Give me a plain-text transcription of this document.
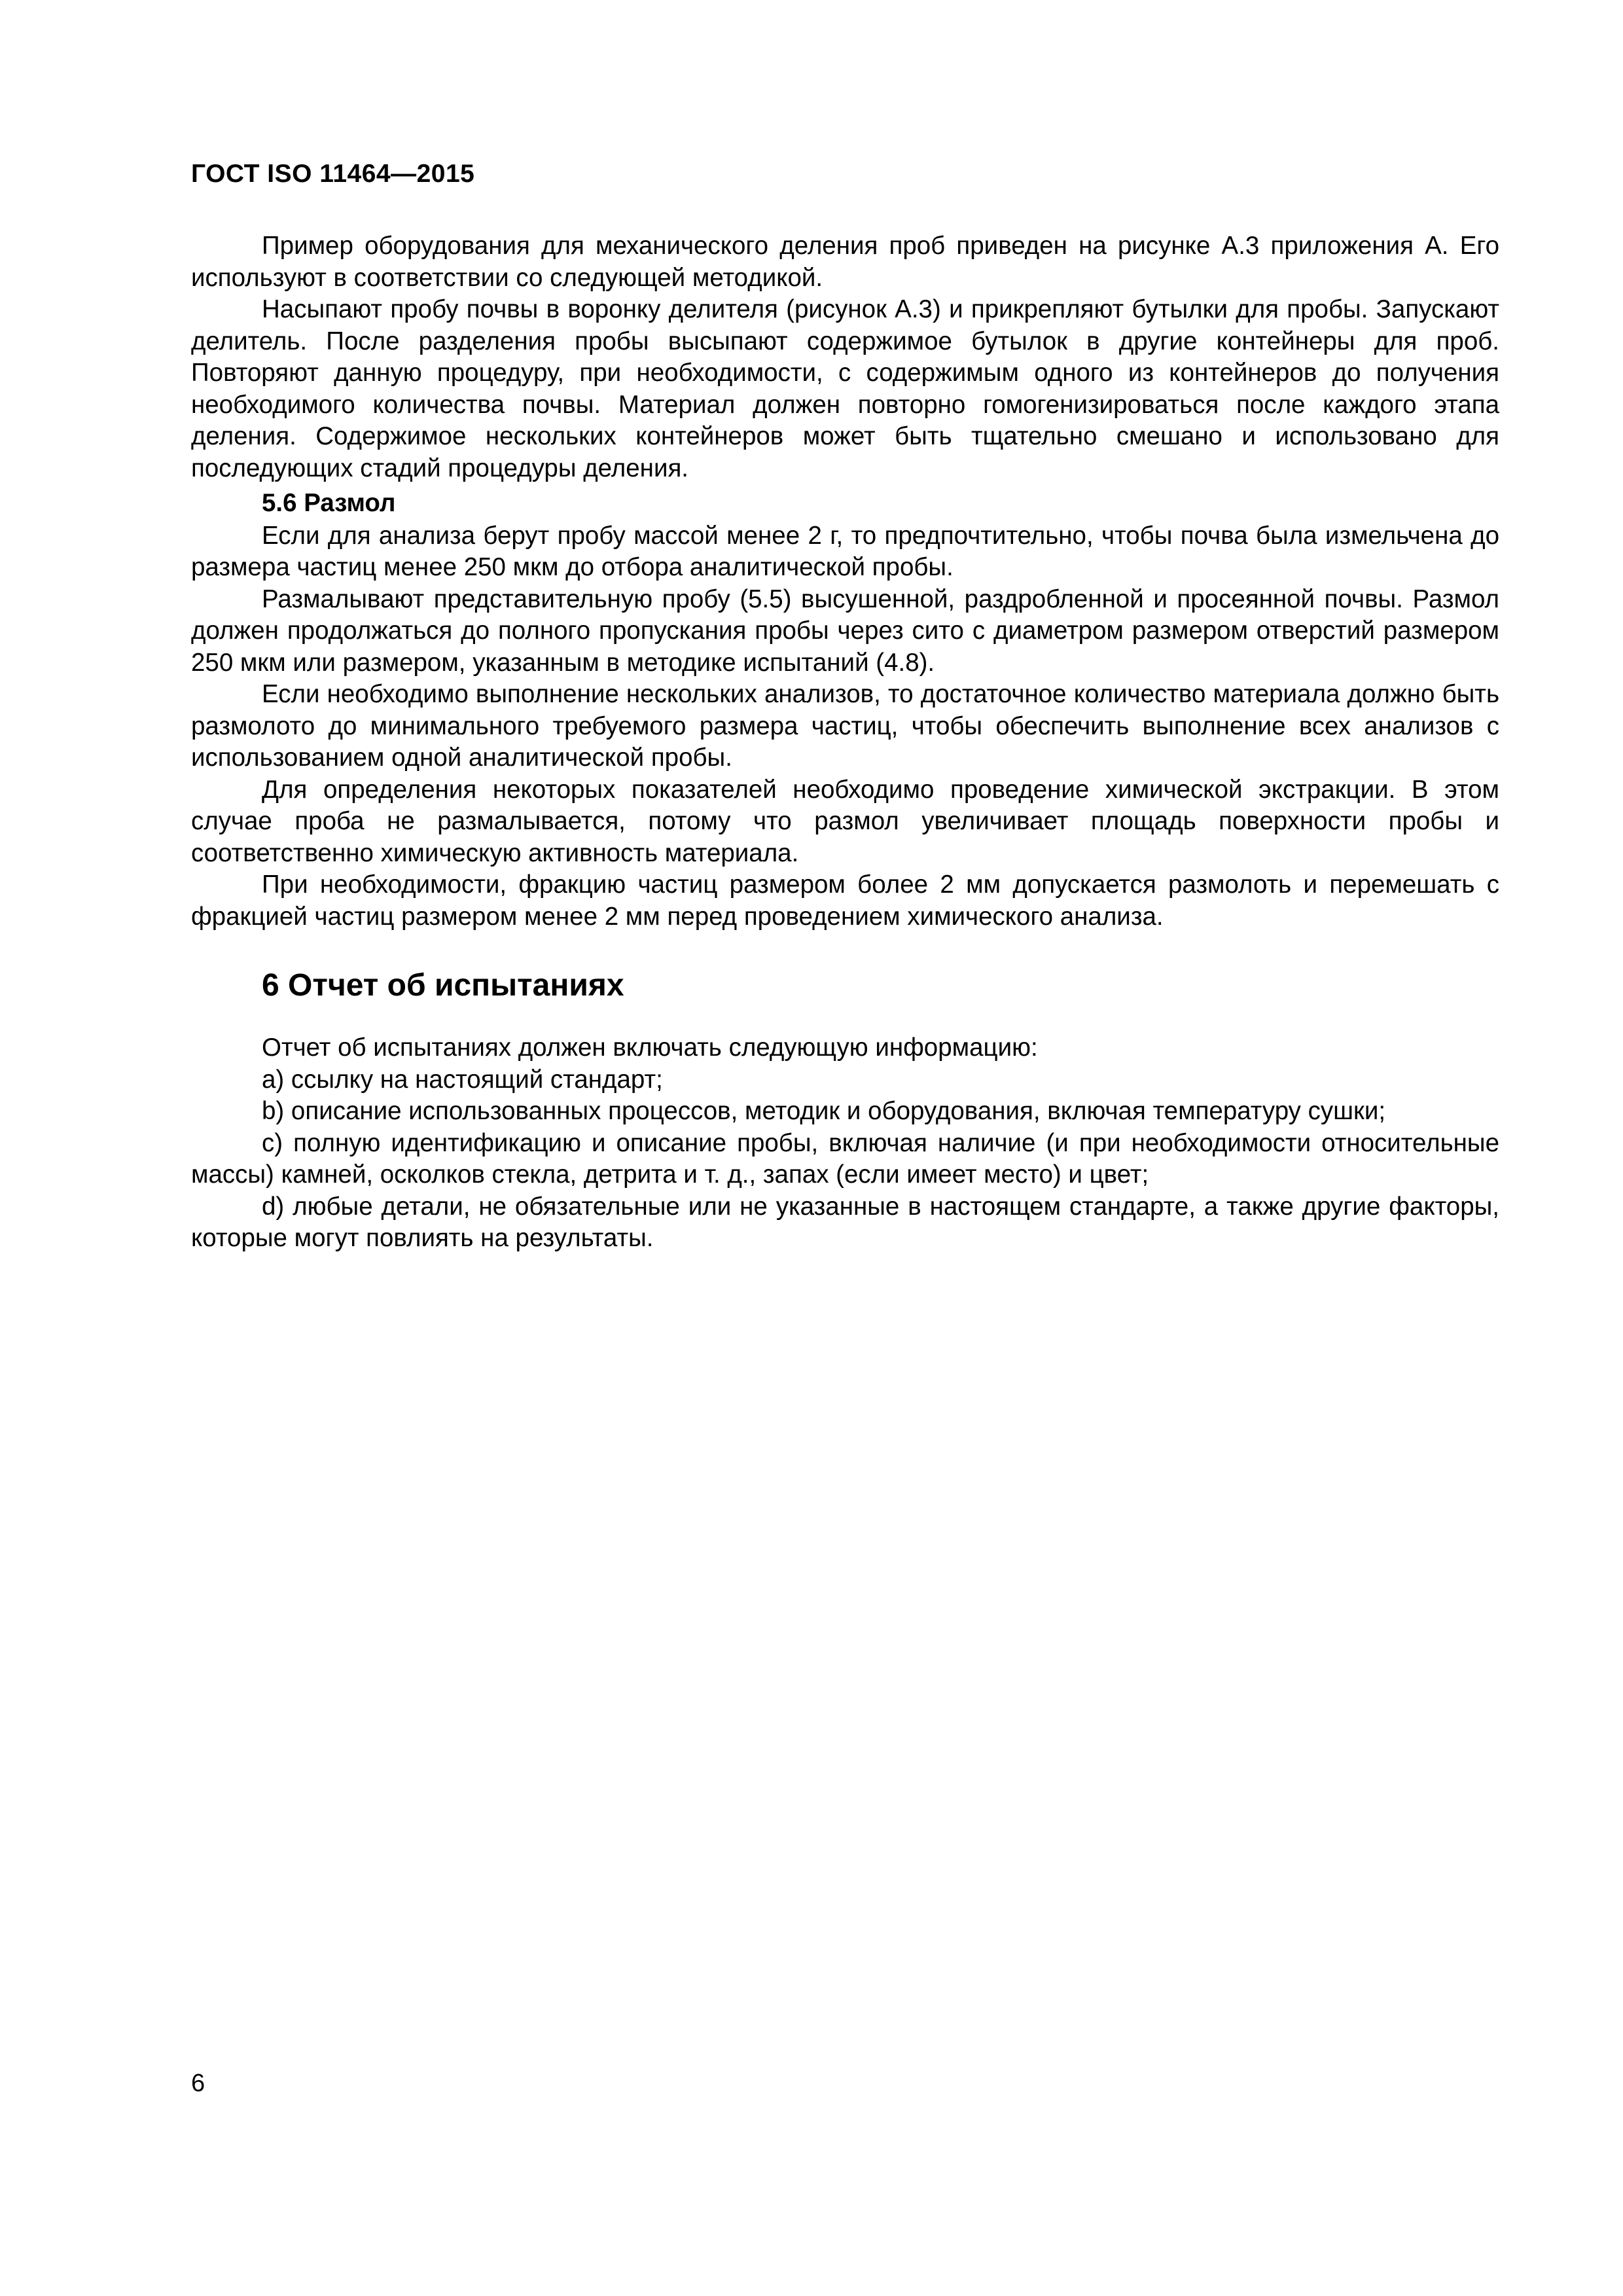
ГОСТ ISO 11464—2015

Пример оборудования для механического деления проб приведен на рисунке А.3 приложения А. Его используют в соответствии со следующей методикой.

Насыпают пробу почвы в воронку делителя (рисунок А.3) и прикрепляют бутылки для пробы. Запускают делитель. После разделения пробы высыпают содержимое бутылок в другие контейнеры для проб. Повторяют данную процедуру, при необходимости, с содержимым одного из контейнеров до получения необходимого количества почвы. Материал должен повторно гомогенизироваться после каждого этапа деления. Содержимое нескольких контейнеров может быть тщательно смешано и использовано для последующих стадий процедуры деления.

5.6 Размол

Если для анализа берут пробу массой менее 2 г, то предпочтительно, чтобы почва была измельчена до размера частиц менее 250 мкм до отбора аналитической пробы.

Размалывают представительную пробу (5.5) высушенной, раздробленной и просеянной почвы. Размол должен продолжаться до полного пропускания пробы через сито с диаметром размером отверстий размером 250 мкм или размером, указанным в методике испытаний (4.8).

Если необходимо выполнение нескольких анализов, то достаточное количество материала должно быть размолото до минимального требуемого размера частиц, чтобы обеспечить выполнение всех анализов с использованием одной аналитической пробы.

Для определения некоторых показателей необходимо проведение химической экстракции. В этом случае проба не размалывается, потому что размол увеличивает площадь поверхности пробы и соответственно химическую активность материала.

При необходимости, фракцию частиц размером более 2 мм допускается размолоть и перемешать с фракцией частиц размером менее 2 мм перед проведением химического анализа.

6 Отчет об испытаниях

Отчет об испытаниях должен включать следующую информацию:

а) ссылку на настоящий стандарт;

b) описание использованных процессов, методик и оборудования, включая температуру сушки;

c) полную идентификацию и описание пробы, включая наличие (и при необходимости относительные массы) камней, осколков стекла, детрита и т. д., запах (если имеет место) и цвет;

d) любые детали, не обязательные или не указанные в настоящем стандарте, а также другие факторы, которые могут повлиять на результаты.

6
